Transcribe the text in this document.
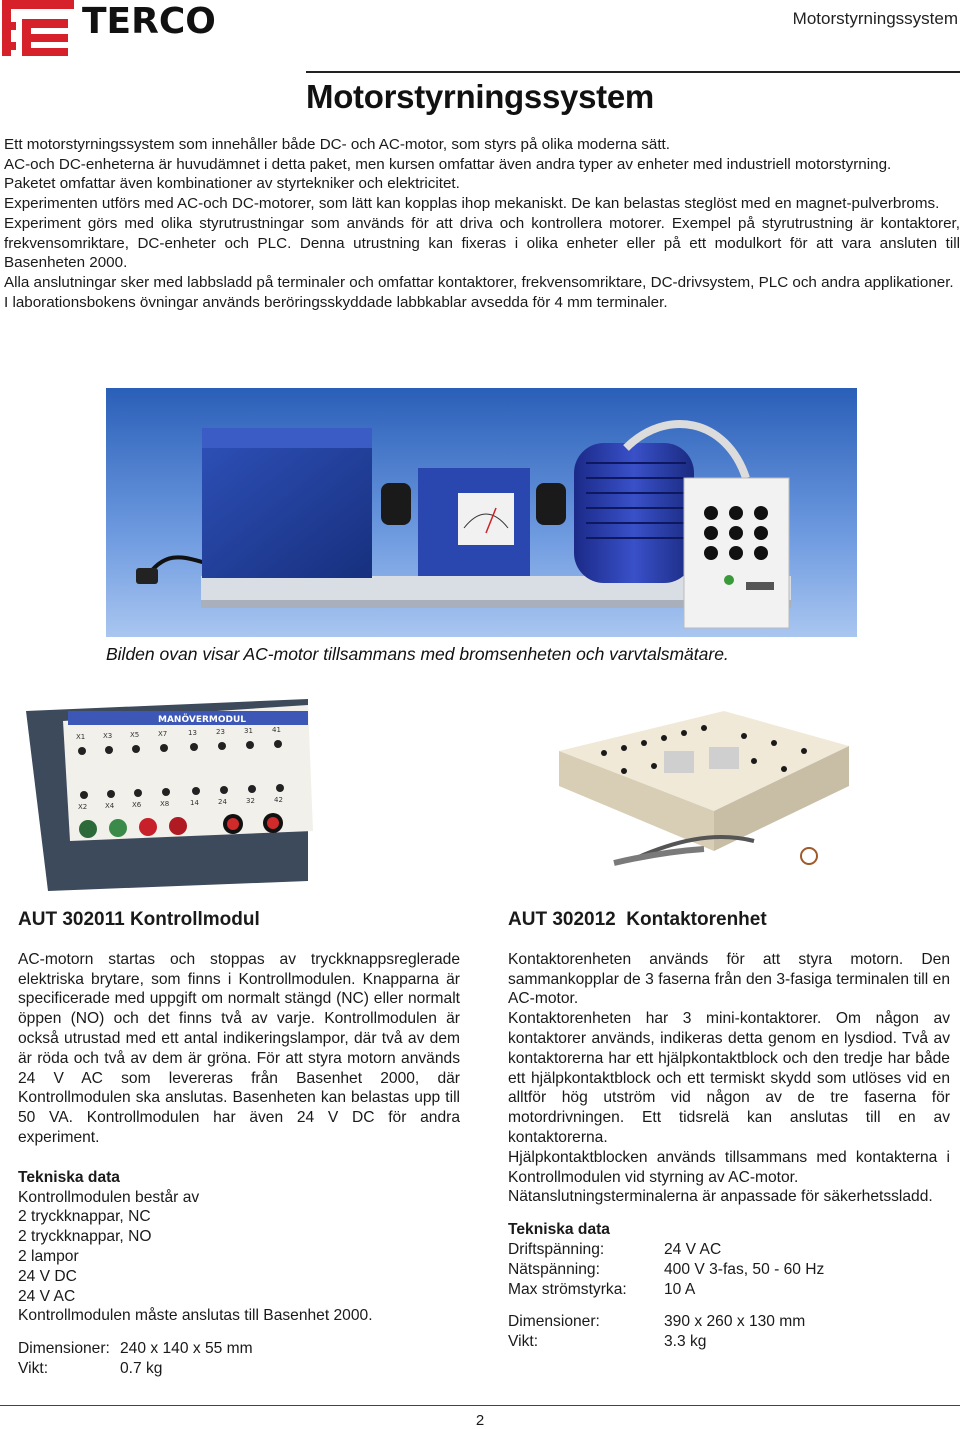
TERCO	Motorstyrningssystem
Motorstyrningssystem

Ett motorstyrningssystem som innehåller både DC- och AC-motor, som styrs på olika moderna sätt.

AC-och DC-enheterna är huvudämnet i detta paket, men kursen omfattar även andra typer av enheter med industriell motorstyrning.

Paketet omfattar även kombinationer av styrtekniker och elektricitet.

Experimenten utförs med AC-och DC-motorer, som lätt kan kopplas ihop mekaniskt. De kan belastas steglöst med en magnet-pulverbroms.

Experiment görs med olika styrutrustningar som används för att driva och kontrollera motorer. Exempel på styrutrustning är kontaktorer, frekvensomriktare, DC-enheter och PLC. Denna utrustning kan fixeras i olika enheter eller på ett modulkort för att vara ansluten till Basenheten 2000.

Alla anslutningar sker med labbsladd på terminaler och omfattar kontaktorer, frekvensomriktare, DC-drivsystem, PLC och andra applikationer.

I laborationsbokens övningar används beröringsskyddade labbkablar avsedda för 4 mm terminaler.

Bilden ovan visar AC-motor tillsammans med bromsenheten och varvtalsmätare.
MANÖVERMODUL
X1	X3	X5	X7	13	23	31	41
X2	X4	X6	X8	14	24	32	42
AUT 302011 Kontrollmodul

AC-motorn startas och stoppas av tryckknappsreglerade elektriska brytare, som finns i Kontrollmodulen. Knapparna är specificerade med uppgift om normalt stängd (NC) eller normalt öppen (NO) och det finns två av varje. Kontrollmodulen är också utrustad med ett antal indikeringslampor, där två av dem är röda och två av dem är gröna. För att styra motorn används 24 V AC som levereras från Basenhet 2000, där Kontrollmodulen ska anslutas. Basenheten kan belastas upp till 50 VA. Kontrollmodulen har även 24 V DC för andra experiment.

Tekniska data

Kontrollmodulen består av

2 tryckknappar, NC

2 tryckknappar, NO

2 lampor

24 V DC

24 V AC

Kontrollmodulen måste anslutas till Basenhet 2000.

Dimensioner: 240 x 140 x 55 mm
Vikt:	0.7 kg
AUT 302012  Kontaktorenhet

Kontaktorenheten används för att styra motorn. Den sammankopplar de 3 faserna från den 3-fasiga terminalen till en AC-motor.

Kontaktorenheten har 3 mini-kontaktorer. Om någon av kontaktorer används, indikeras detta genom en lysdiod. Två av kontaktorerna har ett hjälpkontaktblock och den tredje har både ett hjälpkontaktblock och ett termiskt skydd som utlöses vid en alltför hög utström vid någon av de tre faserna för motordrivningen. Ett tidsrelä kan anslutas till en av kontaktorerna.

Hjälpkontaktblocken används tillsammans med kontakterna i Kontrollmodulen vid styrning av AC-motor.

Nätanslutningsterminalerna är anpassade för säkerhetssladd.

Tekniska data
Driftspänning:	24 V AC
Nätspänning:	400 V 3-fas, 50 - 60 Hz
Max strömstyrka:	10 A
Dimensioner:	390 x 260 x 130 mm
Vikt:	3.3 kg
2
